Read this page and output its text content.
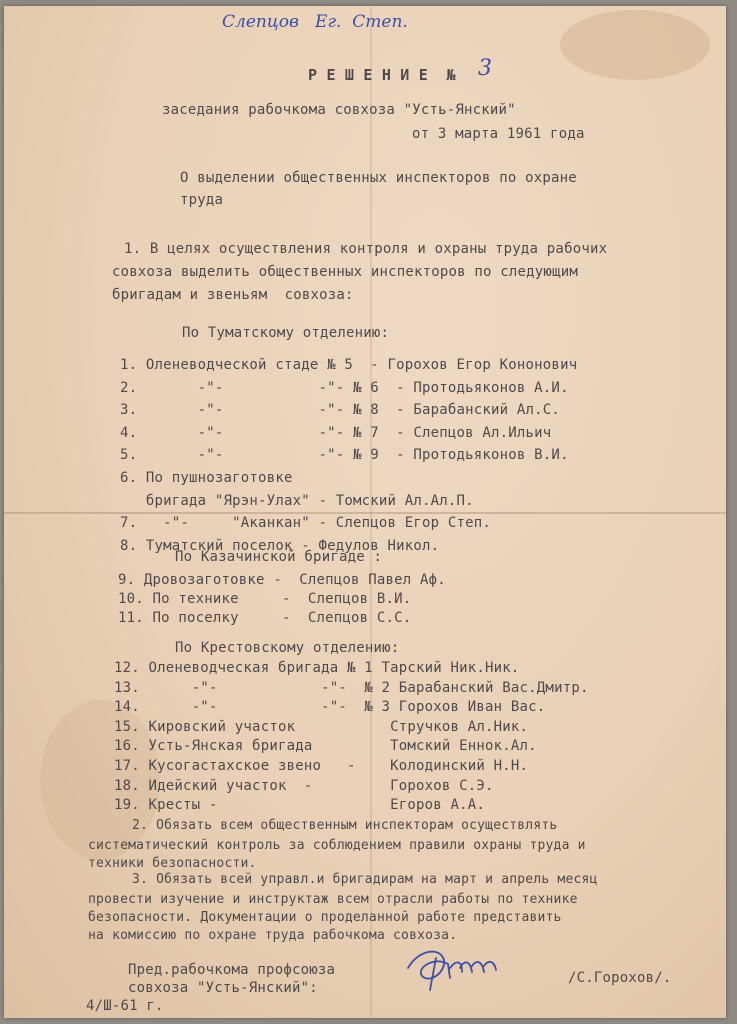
Слепцов   Ег.  Степ.
Р Е Ш Е Н И Е  № 3
заседания рабочкома совхоза "Усть-Янский"
от 3 марта 1961 года
О выделении общественных инспекторов по охране
труда
1. В целях осуществления контроля и охраны труда рабочих
совхоза выделить общественных инспекторов по следующим
бригадам и звеньям  совхоза:
По Туматскому отделению:
1. Оленеводческой стаде № 5  - Горохов Егор Кононович
2.       -"-           -"- № 6  - Протодьяконов А.И.
3.       -"-           -"- № 8  - Барабанский Ал.С.
4.       -"-           -"- № 7  - Слепцов Ал.Ильич
5.       -"-           -"- № 9  - Протодьяконов В.И.
6. По пушнозаготовке
бригада "Ярэн-Улах" - Томский Ал.Ал.П.
7.   -"-     "Аканкан" - Слепцов Егор Степ.
8. Туматский поселок - Федулов Никол.
По Казачинской бригаде :
9. Дровозаготовке -  Слепцов Павел Аф.
10. По технике     -  Слепцов В.И.
11. По поселку     -  Слепцов С.С.
По Крестовскому отделению:
12. Оленеводческая бригада № 1 Тарский Ник.Ник.
13.      -"-            -"-  № 2 Барабанский Вас.Дмитр.
14.      -"-            -"-  № 3 Горохов Иван Вас.
15. Кировский участок           Стручков Ал.Ник.
16. Усть-Янская бригада         Томский Еннок.Ал.
17. Кусогастахское звено   -    Колодинский Н.Н.
18. Идейский участок  -         Горохов С.Э.
19. Кресты -                    Егоров А.А.
2. Обязать всем общественным инспекторам осуществлять
систематический контроль за соблюдением правили охраны труда и
техники безопасности.
3. Обязать всей управл.и бригадирам на март и апрель месяц
провести изучение и инструктаж всем отрасли работы по технике
безопасности. Документации о проделанной работе представить
на комиссию по охране труда рабочкома совхоза.
Пред.рабочкома профсоюза
совхоза "Усть-Янский":
/С.Горохов/.
4/Ш-61 г.
